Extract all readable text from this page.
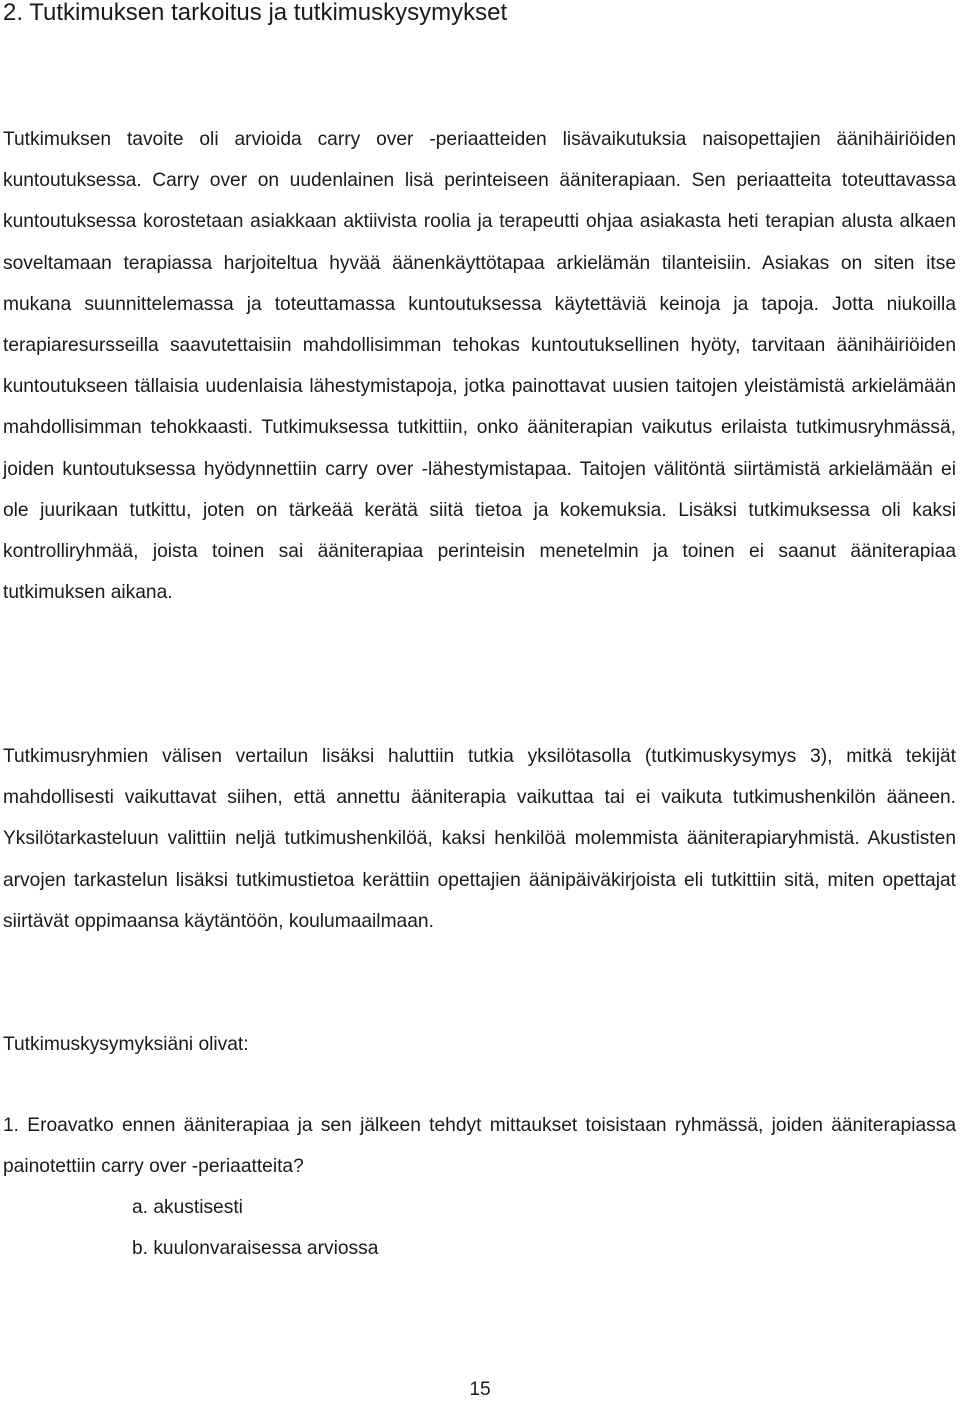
2. Tutkimuksen tarkoitus ja tutkimuskysymykset

Tutkimuksen tavoite oli arvioida carry over -periaatteiden lisävaikutuksia naisopettajien äänihäiriöiden kuntoutuksessa. Carry over on uudenlainen lisä perinteiseen ääniterapiaan. Sen periaatteita toteuttavassa kuntoutuksessa korostetaan asiakkaan aktiivista roolia ja terapeutti ohjaa asiakasta heti terapian alusta alkaen soveltamaan terapiassa harjoiteltua hyvää äänenkäyttötapaa arkielämän tilanteisiin. Asiakas on siten itse mukana suunnittelemassa ja toteuttamassa kuntoutuksessa käytettäviä keinoja ja tapoja. Jotta niukoilla terapiaresursseilla saavutettaisiin mahdollisimman tehokas kuntoutuksellinen hyöty, tarvitaan äänihäiriöiden kuntoutukseen tällaisia uudenlaisia lähestymistapoja, jotka painottavat uusien taitojen yleistämistä arkielämään mahdollisimman tehokkaasti. Tutkimuksessa tutkittiin, onko ääniterapian vaikutus erilaista tutkimusryhmässä, joiden kuntoutuksessa hyödynnettiin carry over -lähestymistapaa. Taitojen välitöntä siirtämistä arkielämään ei ole juurikaan tutkittu, joten on tärkeää kerätä siitä tietoa ja kokemuksia. Lisäksi tutkimuksessa oli kaksi kontrolliryhmää, joista toinen sai ääniterapiaa perinteisin menetelmin ja toinen ei saanut ääniterapiaa tutkimuksen aikana.

Tutkimusryhmien välisen vertailun lisäksi haluttiin tutkia yksilötasolla (tutkimuskysymys 3), mitkä tekijät mahdollisesti vaikuttavat siihen, että annettu ääniterapia vaikuttaa tai ei vaikuta tutkimushenkilön ääneen. Yksilötarkasteluun valittiin neljä tutkimushenkilöä, kaksi henkilöä molemmista ääniterapiaryhmistä. Akustisten arvojen tarkastelun lisäksi tutkimustietoa kerättiin opettajien äänipäiväkirjoista eli tutkittiin sitä, miten opettajat siirtävät oppimaansa käytäntöön, koulumaailmaan.

Tutkimuskysymyksiäni olivat:

1. Eroavatko ennen ääniterapiaa ja sen jälkeen tehdyt mittaukset toisistaan ryhmässä, joiden ääniterapiassa painotettiin carry over -periaatteita?

a. akustisesti

b. kuulonvaraisessa arviossa

15
